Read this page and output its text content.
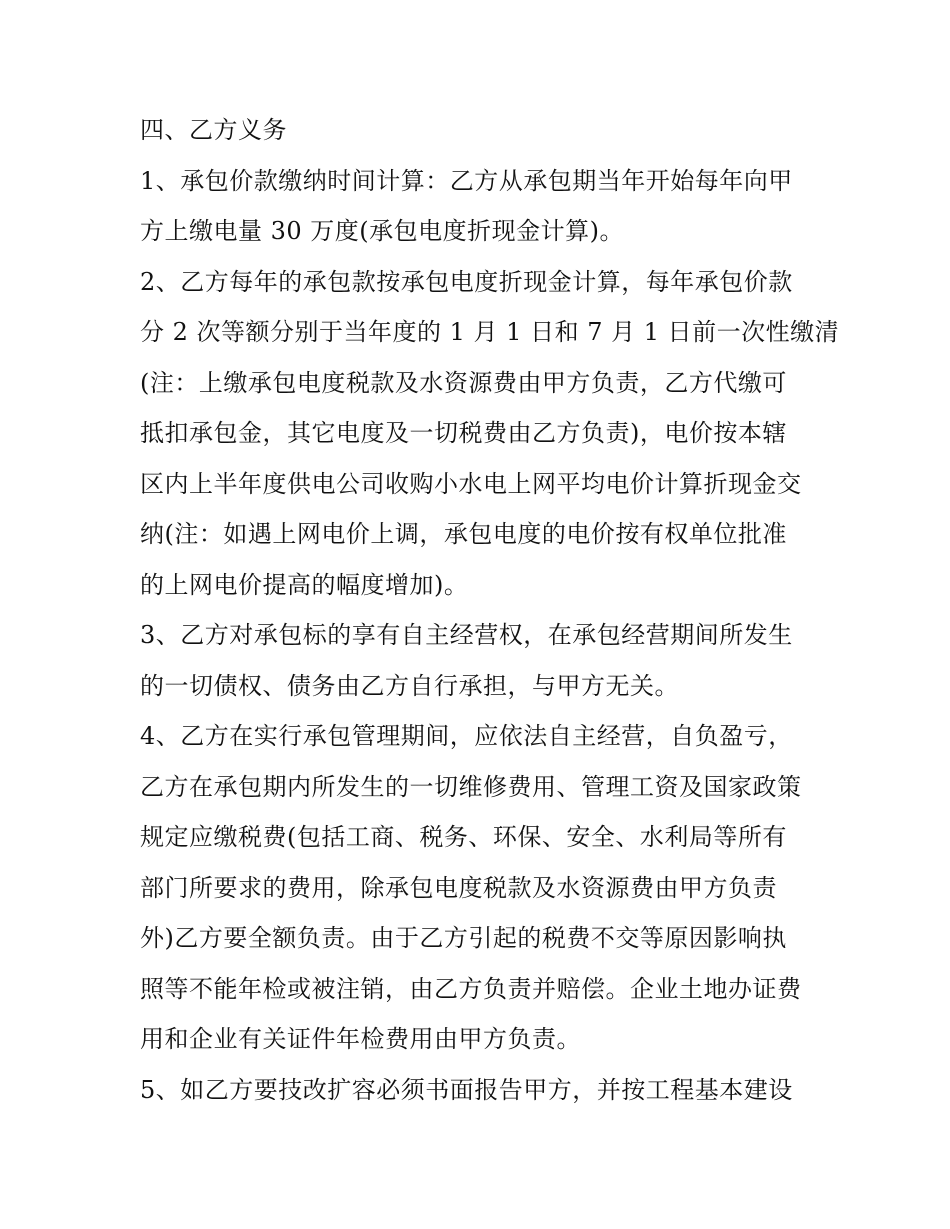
四、乙方义务
1、承包价款缴纳时间计算：乙方从承包期当年开始每年向甲
方上缴电量 30 万度(承包电度折现金计算)。
2、乙方每年的承包款按承包电度折现金计算，每年承包价款
分 2 次等额分别于当年度的 1 月 1 日和 7 月 1 日前一次性缴清
(注：上缴承包电度税款及水资源费由甲方负责，乙方代缴可
抵扣承包金，其它电度及一切税费由乙方负责)，电价按本辖
区内上半年度供电公司收购小水电上网平均电价计算折现金交
纳(注：如遇上网电价上调，承包电度的电价按有权单位批准
的上网电价提高的幅度增加)。
3、乙方对承包标的享有自主经营权，在承包经营期间所发生
的一切债权、债务由乙方自行承担，与甲方无关。
4、乙方在实行承包管理期间，应依法自主经营，自负盈亏，
乙方在承包期内所发生的一切维修费用、管理工资及国家政策
规定应缴税费(包括工商、税务、环保、安全、水利局等所有
部门所要求的费用，除承包电度税款及水资源费由甲方负责
外)乙方要全额负责。由于乙方引起的税费不交等原因影响执
照等不能年检或被注销，由乙方负责并赔偿。企业土地办证费
用和企业有关证件年检费用由甲方负责。
5、如乙方要技改扩容必须书面报告甲方，并按工程基本建设
